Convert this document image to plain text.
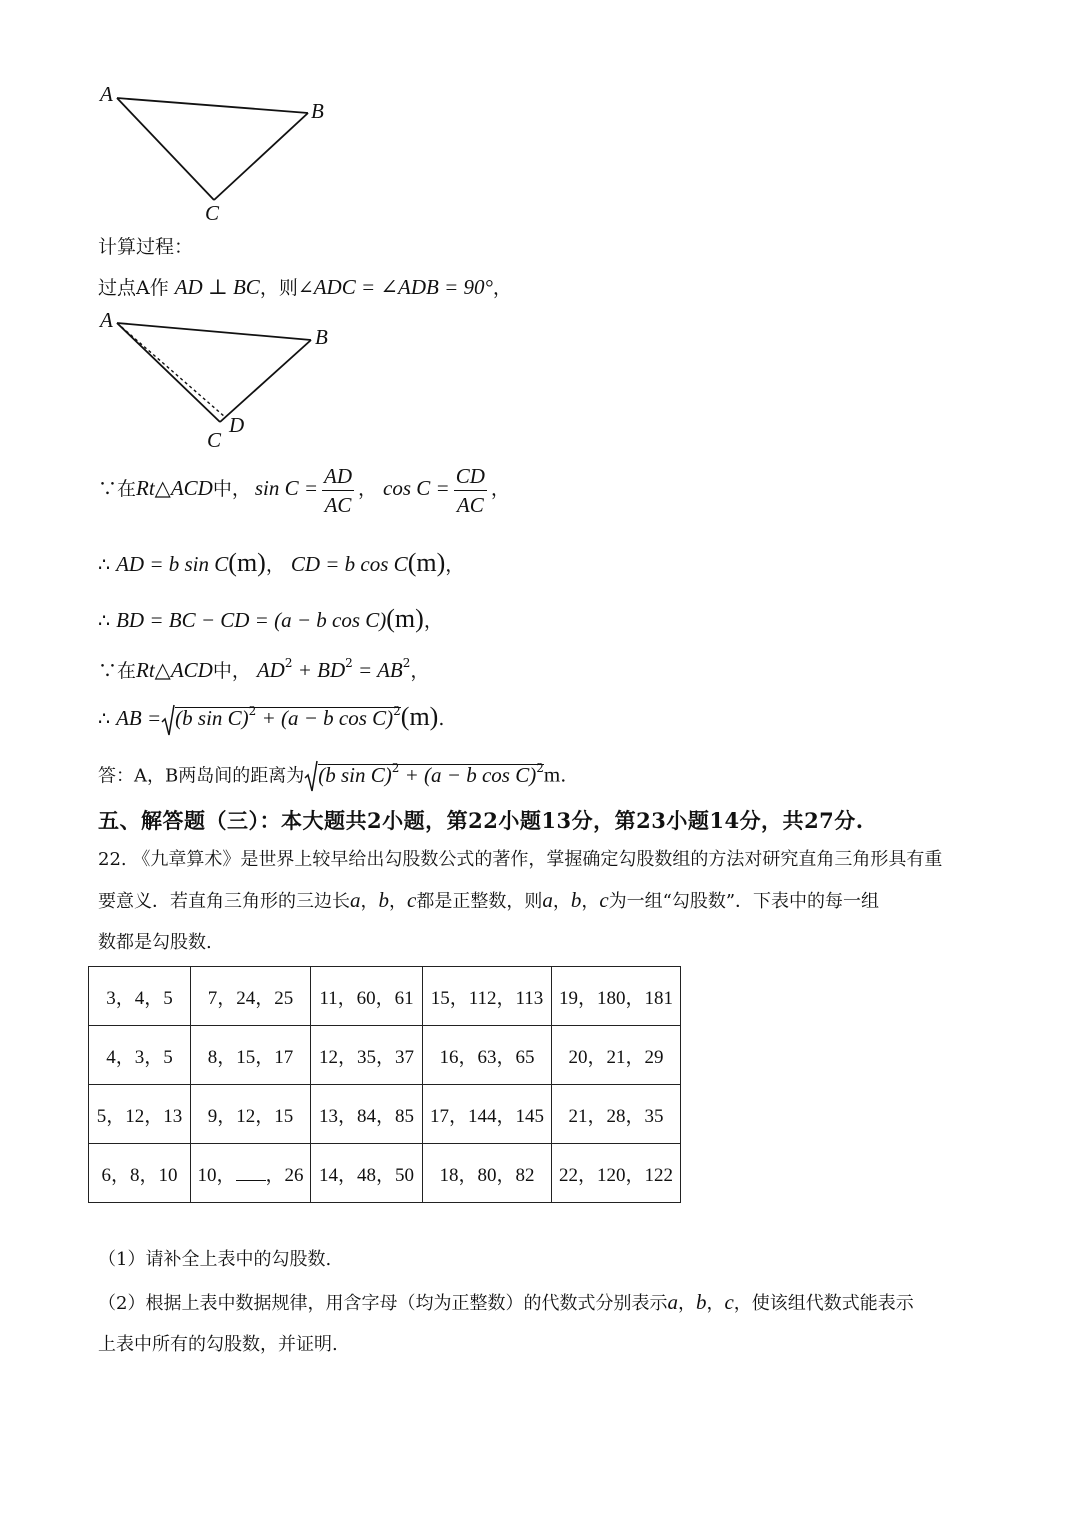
A
B
C
计算过程：
过点A作 AD ⊥ BC，则∠ADC = ∠ADB = 90°，
A
B
C
D
∵在Rt△ACD中， $\sin C = \frac{AD}{AC}$ ， $\cos C = \frac{CD}{AC}$ ，
∴ AD = b sin C(m)， CD = b cos C(m)，
∴ BD = BC − CD = (a − b cos C)(m)，
∵在Rt△ACD中， $AD^2 + BD^2 = AB^2$，
∴ AB = (b sin C)$^2$ + (a − b cos C)$^2$(m).
答：A，B两岛间的距离为 (b sin C)$^2$ + (a − b cos C)$^2$m.
五、解答题（三）：本大题共2小题，第22小题13分，第23小题14分，共27分.
22. 《九章算术》是世界上较早给出勾股数公式的著作，掌握确定勾股数组的方法对研究直角三角形具有重
要意义．若直角三角形的三边长a，b，c都是正整数，则a，b，c为一组“勾股数”．下表中的每一组
数都是勾股数.
3，4，5	7，24，25	11，60，61	15，112，113	19，180，181
4，3，5	8，15，17	12，35，37	16，63，65	20，21，29
5，12，13	9，12，15	13，84，85	17，144，145	21，28，35
6，8，10	10， ，26	14，48，50	18，80，82	22，120，122
（1）请补全上表中的勾股数.
（2）根据上表中数据规律，用含字母（均为正整数）的代数式分别表示a，b，c，使该组代数式能表示
上表中所有的勾股数，并证明.
